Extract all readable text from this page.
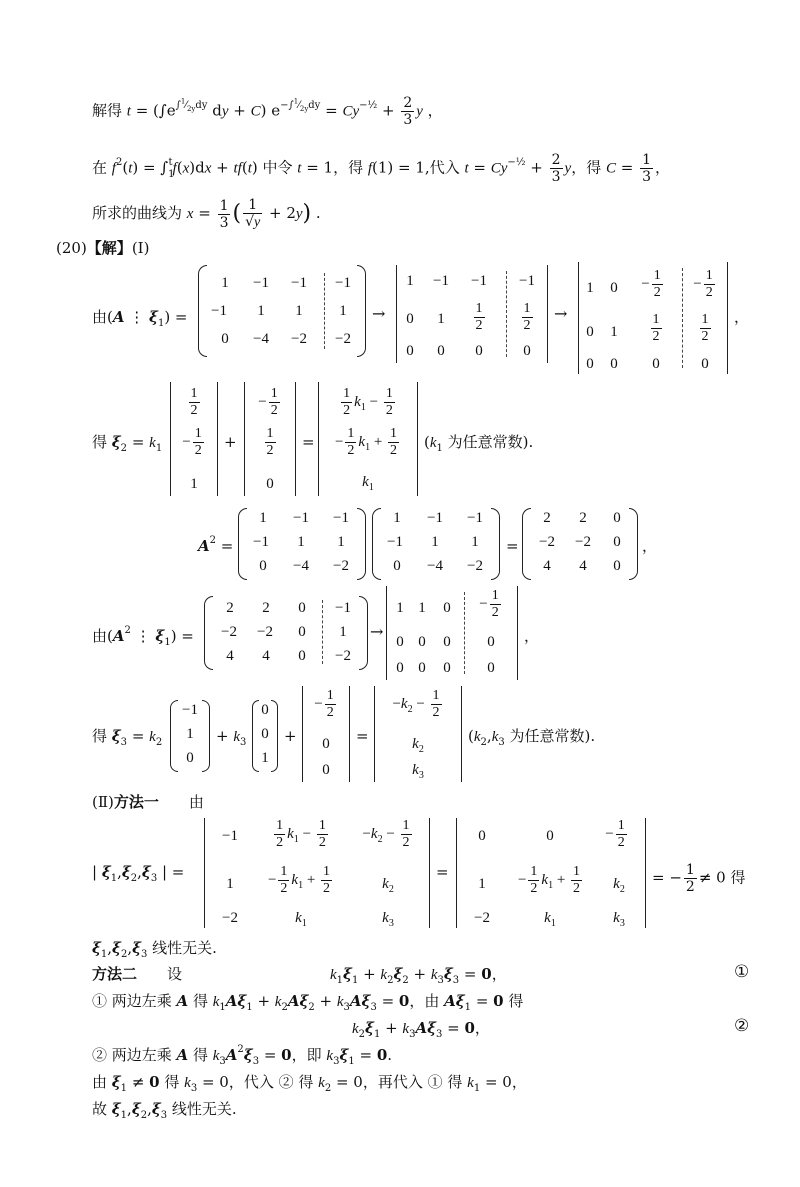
解得 $t = (\int e^{\int^1⁄_{2y}dy}$ dy + C) $e^{-\int^1⁄_{2y}dy} = Cy^{-\frac{1}{2}} + \frac{2}{3}$ y ，
在 $f^2(t) = \int_1^tf(x)dx + tf(t)$ 中令 t = 1，得 f(1) = 1,代入 $t = Cy^{-\frac{1}{2}} + \frac{2}{3}$ y，得 $C = \frac{1}{3}$ ，
所求的曲线为 $x = \frac{1}{3}$ ( $\frac{1}{√y} + 2y$) .
(20)【解】(Ⅰ)
由(A ⋮ $\xi_1$) =
1	−1	−1	−1
−1	1	1	1
0	−4	−2	−2
→
1	−1	−1	−1
0	1	$\frac{1}{2}$	$\frac{1}{2}$
0	0	0	0
→
1	0	− $\frac{1}{2}$	− $\frac{1}{2}$
0	1	$\frac{1}{2}$	$\frac{1}{2}$
0	0	0	0
，
得 $\xi_2 = k_1$
$\frac{1}{2}$
− $\frac{1}{2}$
1
+
− $\frac{1}{2}$
$\frac{1}{2}$
0
=
$\frac{1}{2} k_1 - \frac{1}{2}$
− $\frac{1}{2} k_1 + \frac{1}{2}$
$k_1$
($k_1$ 为任意常数).
$A^2$ =
1	−1	−1
−1	1	1
0	−4	−2
1	−1	−1
−1	1	1
0	−4	−2
=
2	2	0
−2	−2	0
4	4	0
，
由($A^2$ ⋮ $\xi_1$) =
2	2	0	−1
−2	−2	0	1
4	4	0	−2
→
1 1	0	− $\frac{1}{2}$
0 0	0	0
0 0	0	0
，
得 $\xi_3 = k_2$
−1
1
0
+ $k_3$
0
0
1
+
− $\frac{1}{2}$
0
0
=
$-k_2 - \frac{1}{2}$
$k_2$
$k_3$
($k_2,k_3$ 为任意常数).
(Ⅱ)方法一　　由
| $\xi_1,\xi_2,\xi_3$ | =
−1	$\frac{1}{2} k_1 - \frac{1}{2}$	$-k_2 - \frac{1}{2}$
1	− $\frac{1}{2} k_1 + \frac{1}{2}$	$k_2$
−2	$k_1$	$k_3$
=
0	0	− $\frac{1}{2}$
1	− $\frac{1}{2} k_1 + \frac{1}{2}$	$k_2$
−2	$k_1$	$k_3$
= − $\frac{1}{2} \ne 0$ 得
$\xi_1,\xi_2,\xi_3$ 线性无关.
方法二　　设	$k_1\xi_1 + k_2\xi_2 + k_3\xi_3 = 0$，	①
① 两边左乘 A 得 $k_1A\xi_1 + k_2A\xi_2 + k_3A\xi_3 = 0$，由 $A\xi_1 = 0$ 得
$k_2\xi_1 + k_3A\xi_3 = 0$，	②
② 两边左乘 A 得 $k_3A^2\xi_3 = 0$，即 $k_3\xi_1 = 0$.
由 $\xi_1 \ne 0$ 得 $k_3 = 0$，代入 ② 得 $k_2 = 0$，再代入 ① 得 $k_1 = 0$，
故 $\xi_1,\xi_2,\xi_3$ 线性无关.
